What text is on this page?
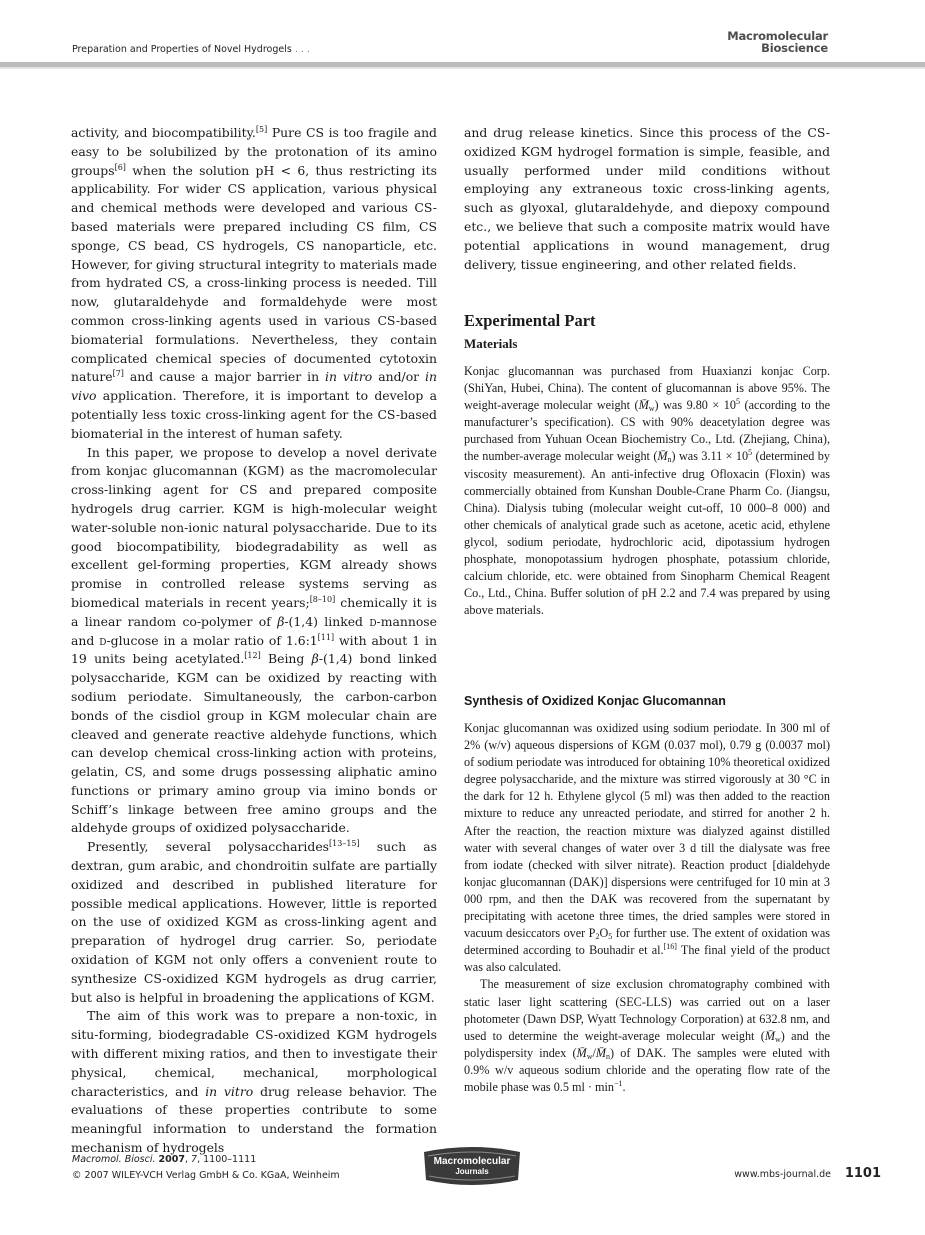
Preparation and Properties of Novel Hydrogels . . .
Macromolecular
Bioscience

activity, and biocompatibility.[5] Pure CS is too fragile and easy to be solubilized by the protonation of its amino groups[6] when the solution pH < 6, thus restricting its applicability. For wider CS application, various physical and chemical methods were developed and various CS-based materials were prepared including CS film, CS sponge, CS bead, CS hydrogels, CS nanoparticle, etc. However, for giving structural integrity to materials made from hydrated CS, a cross-linking process is needed. Till now, glutaraldehyde and formaldehyde were most common cross-linking agents used in various CS-based biomaterial formulations. Nevertheless, they contain complicated chemical species of documented cytotoxin nature[7] and cause a major barrier in in vitro and/or in vivo application. Therefore, it is important to develop a potentially less toxic cross-linking agent for the CS-based biomaterial in the interest of human safety.

In this paper, we propose to develop a novel derivate from konjac glucomannan (KGM) as the macromolecular cross-linking agent for CS and prepared composite hydrogels drug carrier. KGM is high-molecular weight water-soluble non-ionic natural polysaccharide. Due to its good biocompatibility, biodegradability as well as excellent gel-forming properties, KGM already shows promise in controlled release systems serving as biomedical materials in recent years;[8–10] chemically it is a linear random co-polymer of β-(1,4) linked d-mannose and d-glucose in a molar ratio of 1.6:1[11] with about 1 in 19 units being acetylated.[12] Being β-(1,4) bond linked polysaccharide, KGM can be oxidized by reacting with sodium periodate. Simultaneously, the carbon-carbon bonds of the cisdiol group in KGM molecular chain are cleaved and generate reactive aldehyde functions, which can develop chemical cross-linking action with proteins, gelatin, CS, and some drugs possessing aliphatic amino functions or primary amino group via imino bonds or Schiff’s linkage between free amino groups and the aldehyde groups of oxidized polysaccharide.

Presently, several polysaccharides[13–15] such as dextran, gum arabic, and chondroitin sulfate are partially oxidized and described in published literature for possible medical applications. However, little is reported on the use of oxidized KGM as cross-linking agent and preparation of hydrogel drug carrier. So, periodate oxidation of KGM not only offers a convenient route to synthesize CS-oxidized KGM hydrogels as drug carrier, but also is helpful in broadening the applications of KGM.

The aim of this work was to prepare a non-toxic, in situ-forming, biodegradable CS-oxidized KGM hydrogels with different mixing ratios, and then to investigate their physical, chemical, mechanical, morphological characteristics, and in vitro drug release behavior. The evaluations of these properties contribute to some meaningful information to understand the formation mechanism of hydrogels

and drug release kinetics. Since this process of the CS-oxidized KGM hydrogel formation is simple, feasible, and usually performed under mild conditions without employing any extraneous toxic cross-linking agents, such as glyoxal, glutaraldehyde, and diepoxy compound etc., we believe that such a composite matrix would have potential applications in wound management, drug delivery, tissue engineering, and other related fields.

Experimental Part
Materials

Konjac glucomannan was purchased from Huaxianzi konjac Corp. (ShiYan, Hubei, China). The content of glucomannan is above 95%. The weight-average molecular weight $(M̄_w)$ was $9.80 \times 10^5$ (according to the manufacturer’s specification). CS with 90% deacetylation degree was purchased from Yuhuan Ocean Biochemistry Co., Ltd. (Zhejiang, China), the number-average molecular weight $(M̄_n)$ was $3.11 \times 10^5$ (determined by viscosity measurement). An anti-infective drug Ofloxacin (Floxin) was commercially obtained from Kunshan Double-Crane Pharm Co. (Jiangsu, China). Dialysis tubing (molecular weight cut-off, 10 000–8 000) and other chemicals of analytical grade such as acetone, acetic acid, ethylene glycol, sodium periodate, hydrochloric acid, dipotassium hydrogen phosphate, monopotassium hydrogen phosphate, potassium chloride, calcium chloride, etc. were obtained from Sinopharm Chemical Reagent Co., Ltd., China. Buffer solution of pH 2.2 and 7.4 was prepared by using above materials.

Synthesis of Oxidized Konjac Glucomannan

Konjac glucomannan was oxidized using sodium periodate. In 300 ml of 2% (w/v) aqueous dispersions of KGM (0.037 mol), 0.79 g (0.0037 mol) of sodium periodate was introduced for obtaining 10% theoretical oxidized degree polysaccharide, and the mixture was stirred vigorously at 30 °C in the dark for 12 h. Ethylene glycol (5 ml) was then added to the reaction mixture to reduce any unreacted periodate, and stirred for another 2 h. After the reaction, the reaction mixture was dialyzed against distilled water with several changes of water over 3 d till the dialysate was free from iodate (checked with silver nitrate). Reaction product [dialdehyde konjac glucomannan (DAK)] dispersions were centrifuged for 10 min at 3 000 rpm, and then the DAK was recovered from the supernatant by precipitating with acetone three times, the dried samples were stored in vacuum desiccators over $P_2O_5$ for further use. The extent of oxidation was determined according to Bouhadir et al.[16] The final yield of the product was also calculated.

The measurement of size exclusion chromatography combined with static laser light scattering (SEC-LLS) was carried out on a laser photometer (Dawn DSP, Wyatt Technology Corporation) at 632.8 nm, and used to determine the weight-average molecular weight $(M̄_w)$ and the polydispersity index $(M̄_w/M̄_n)$ of DAK. The samples were eluted with 0.9% w/v aqueous sodium chloride and the operating flow rate of the mobile phase was 0.5 ml · $\min^{-1}$.

Macromol. Biosci. 2007, 7, 1100–1111
© 2007 WILEY-VCH Verlag GmbH & Co. KGaA, Weinheim
Macromolecular
Journals	www.mbs-journal.de 1101
